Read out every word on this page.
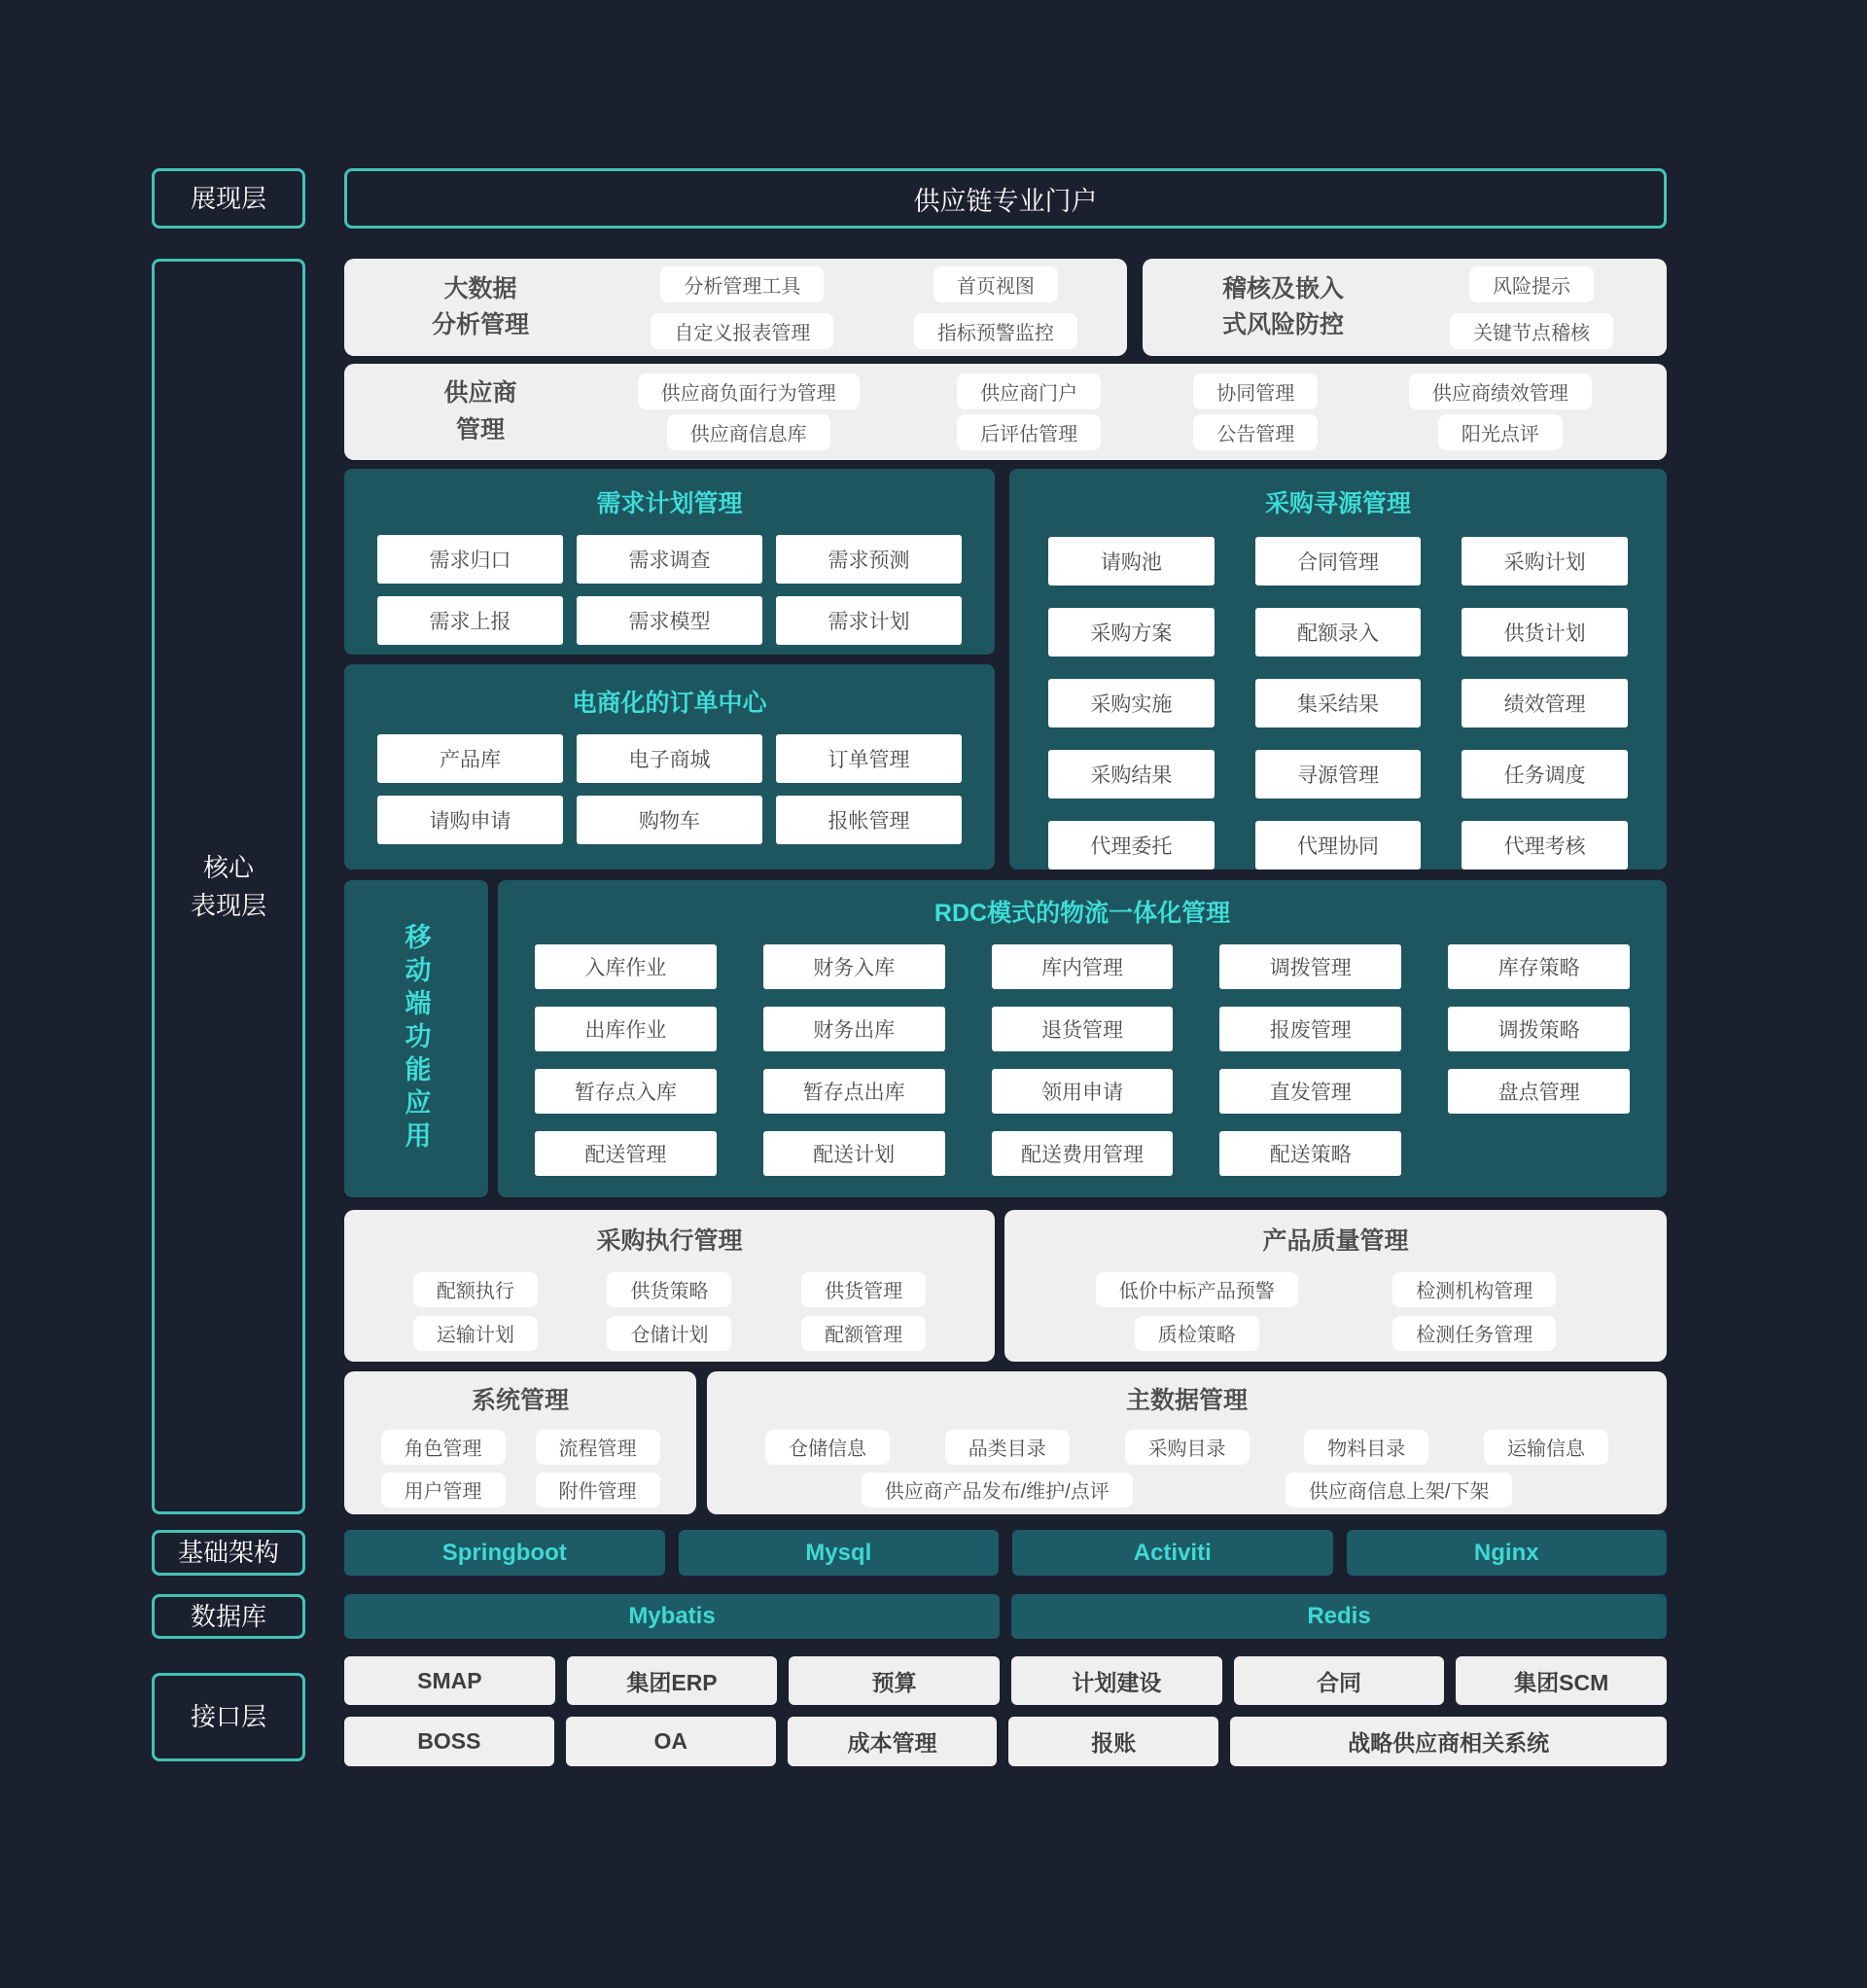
展现层
核心
表现层
基础架构
数据库
接口层
供应链专业门户
大数据
分析管理
分析管理工具	首页视图
自定义报表管理	指标预警监控
稽核及嵌入
式风险防控
风险提示
关键节点稽核
供应商
管理
供应商负面行为管理	供应商门户	协同管理	供应商绩效管理
供应商信息库	后评估管理	公告管理	阳光点评
需求计划管理
需求归口	需求调查	需求预测
需求上报	需求模型	需求计划
电商化的订单中心
产品库	电子商城	订单管理
请购申请	购物车	报帐管理
采购寻源管理
请购池	合同管理	采购计划
采购方案	配额录入	供货计划
采购实施	集采结果	绩效管理
采购结果	寻源管理	任务调度
代理委托	代理协同	代理考核
移动端功能应用
RDC模式的物流一体化管理
入库作业	财务入库	库内管理	调拨管理	库存策略
出库作业	财务出库	退货管理	报废管理	调拨策略
暂存点入库	暂存点出库	领用申请	直发管理	盘点管理
配送管理	配送计划	配送费用管理	配送策略
采购执行管理
配额执行	供货策略	供货管理
运输计划	仓储计划	配额管理
产品质量管理
低价中标产品预警	检测机构管理
质检策略	检测任务管理
系统管理
角色管理	流程管理
用户管理	附件管理
主数据管理
仓储信息	品类目录	采购目录	物料目录	运输信息
供应商产品发布/维护/点评	供应商信息上架/下架
Springboot	Mysql	Activiti	Nginx
Mybatis	Redis
SMAP	集团ERP	预算	计划建设	合同	集团SCM
BOSS	OA	成本管理	报账	战略供应商相关系统
